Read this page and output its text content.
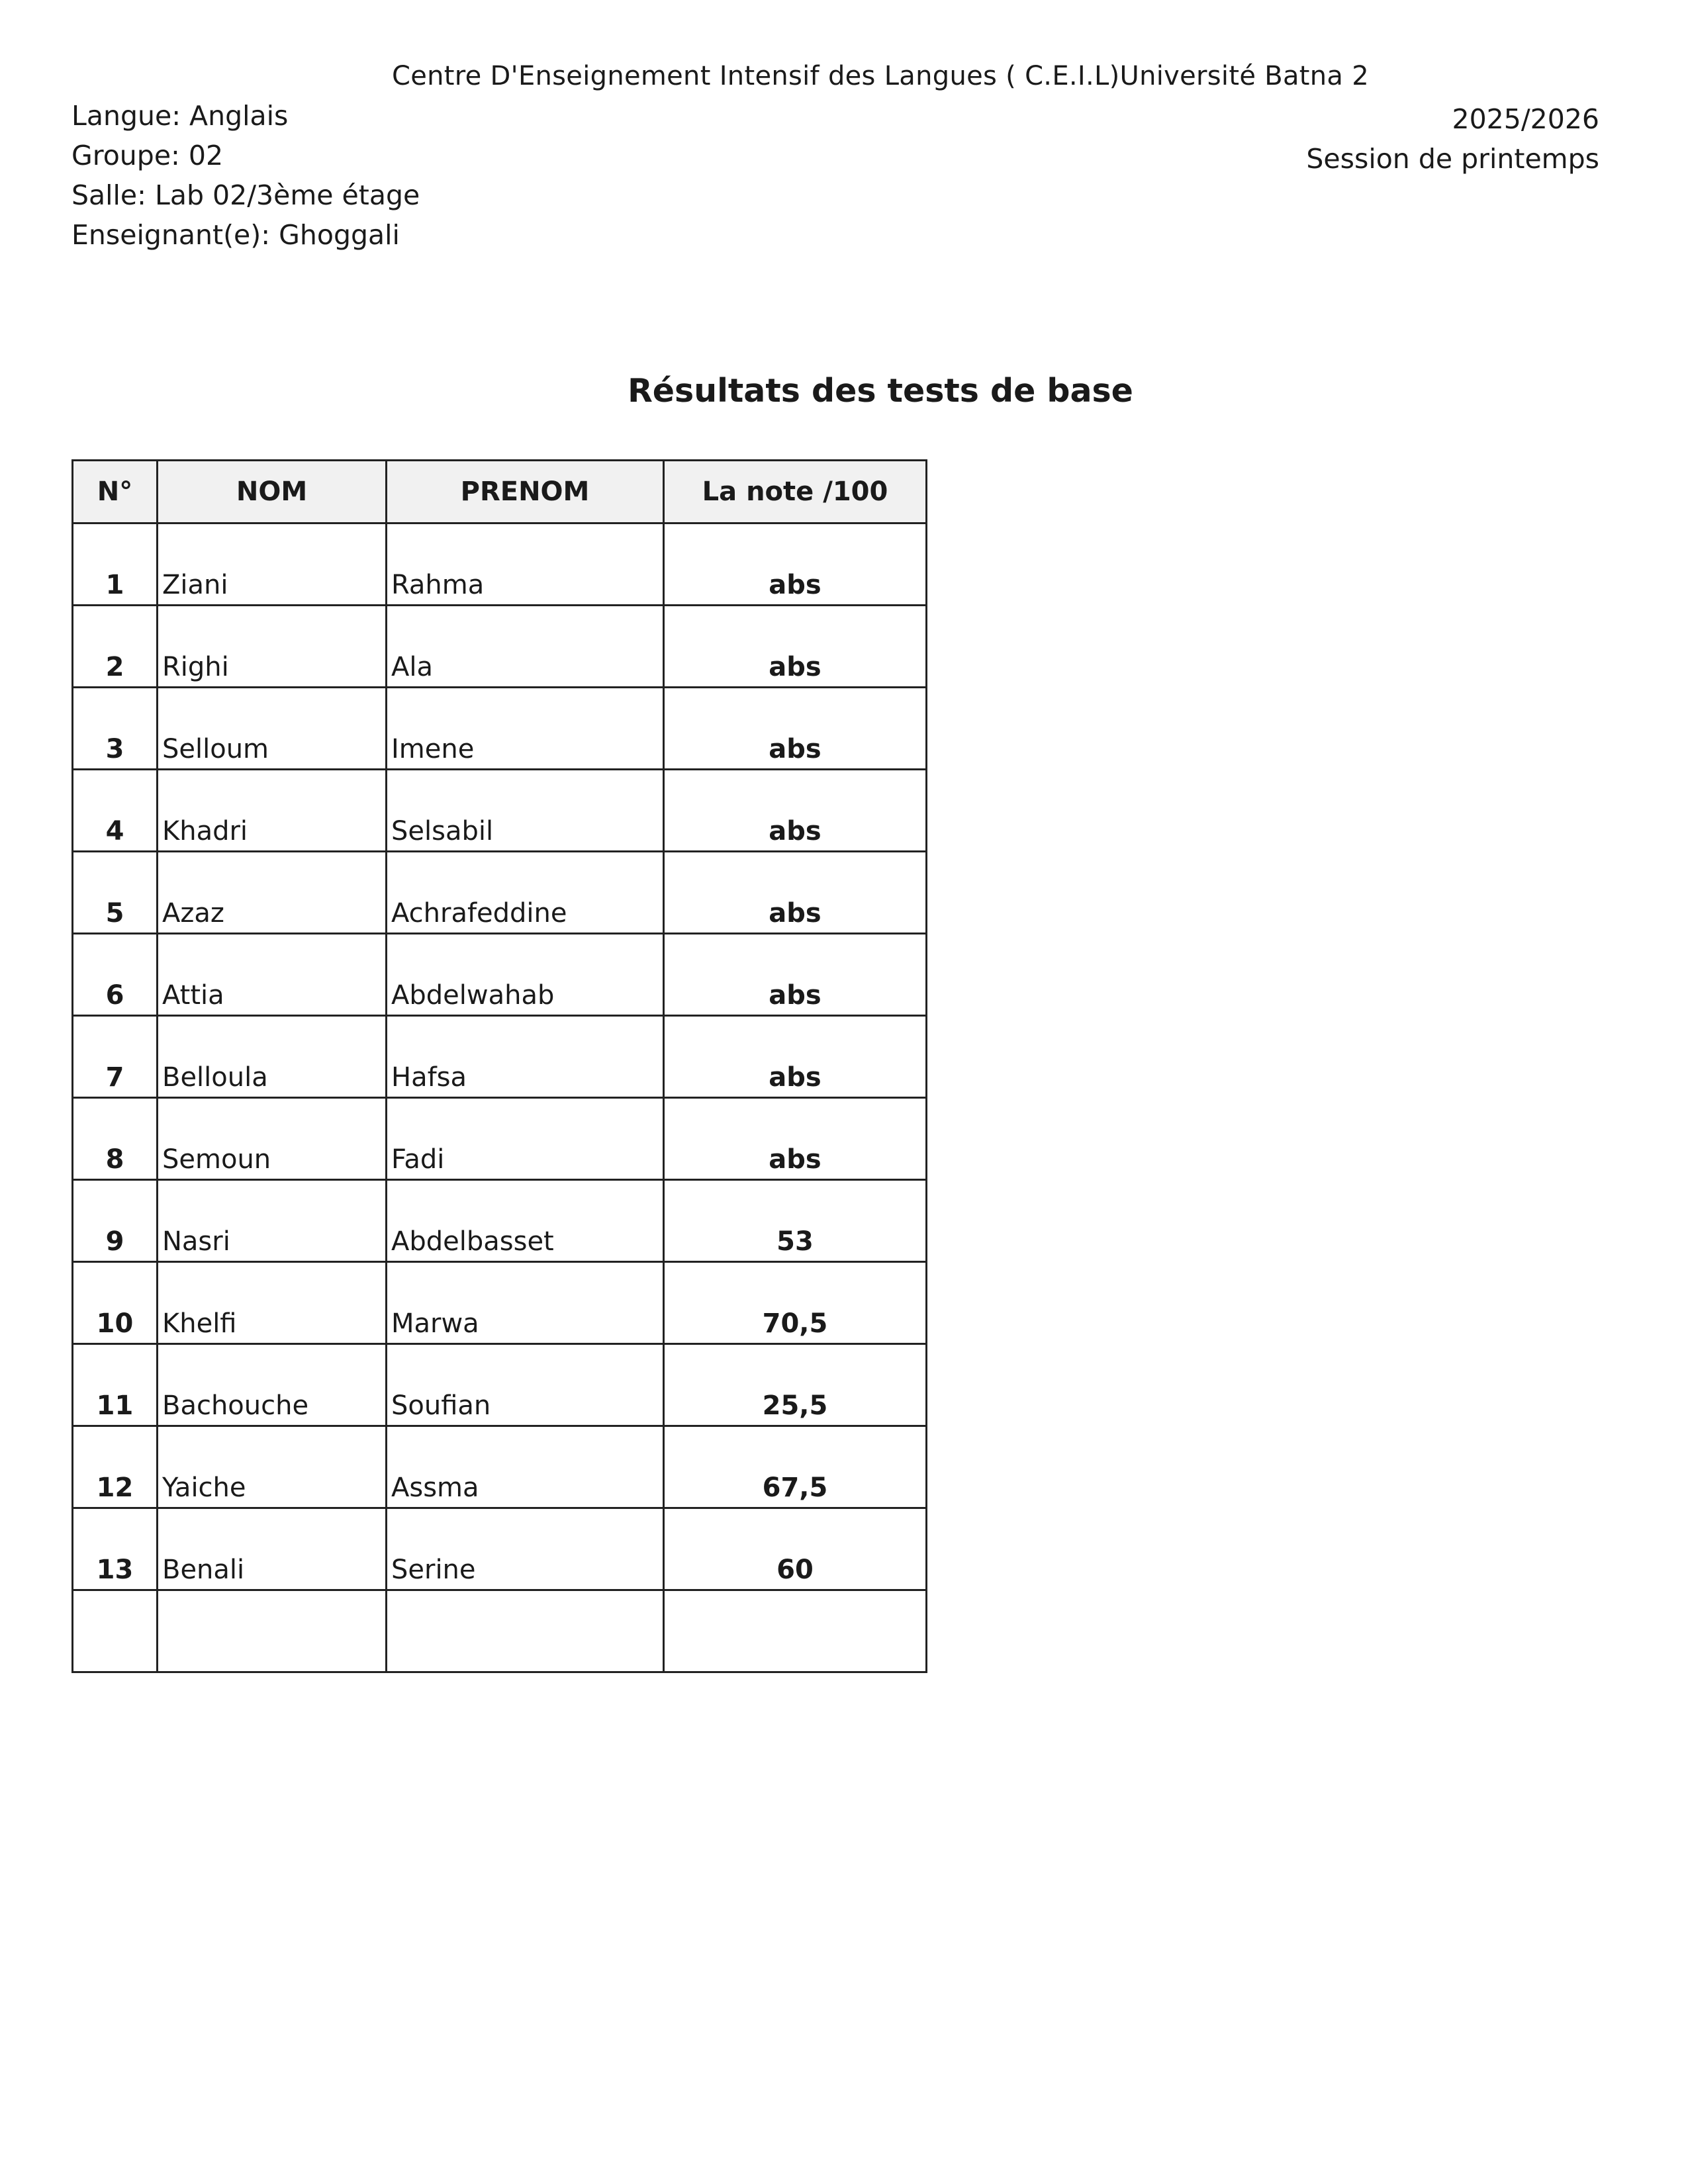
Centre D'Enseignement Intensif des Langues ( C.E.I.L)Université Batna 2
Langue: Anglais
Groupe: 02
Salle: Lab 02/3ème étage
Enseignant(e): Ghoggali
2025/2026
Session de printemps
Résultats des tests de base
N°	NOM	PRENOM	La note /100
1	Ziani	Rahma	abs
2	Righi	Ala	abs
3	Selloum	Imene	abs
4	Khadri	Selsabil	abs
5	Azaz	Achrafeddine	abs
6	Attia	Abdelwahab	abs
7	Belloula	Hafsa	abs
8	Semoun	Fadi	abs
9	Nasri	Abdelbasset	53
10	Khelfi	Marwa	70,5
11	Bachouche	Soufian	25,5
12	Yaiche	Assma	67,5
13	Benali	Serine	60
